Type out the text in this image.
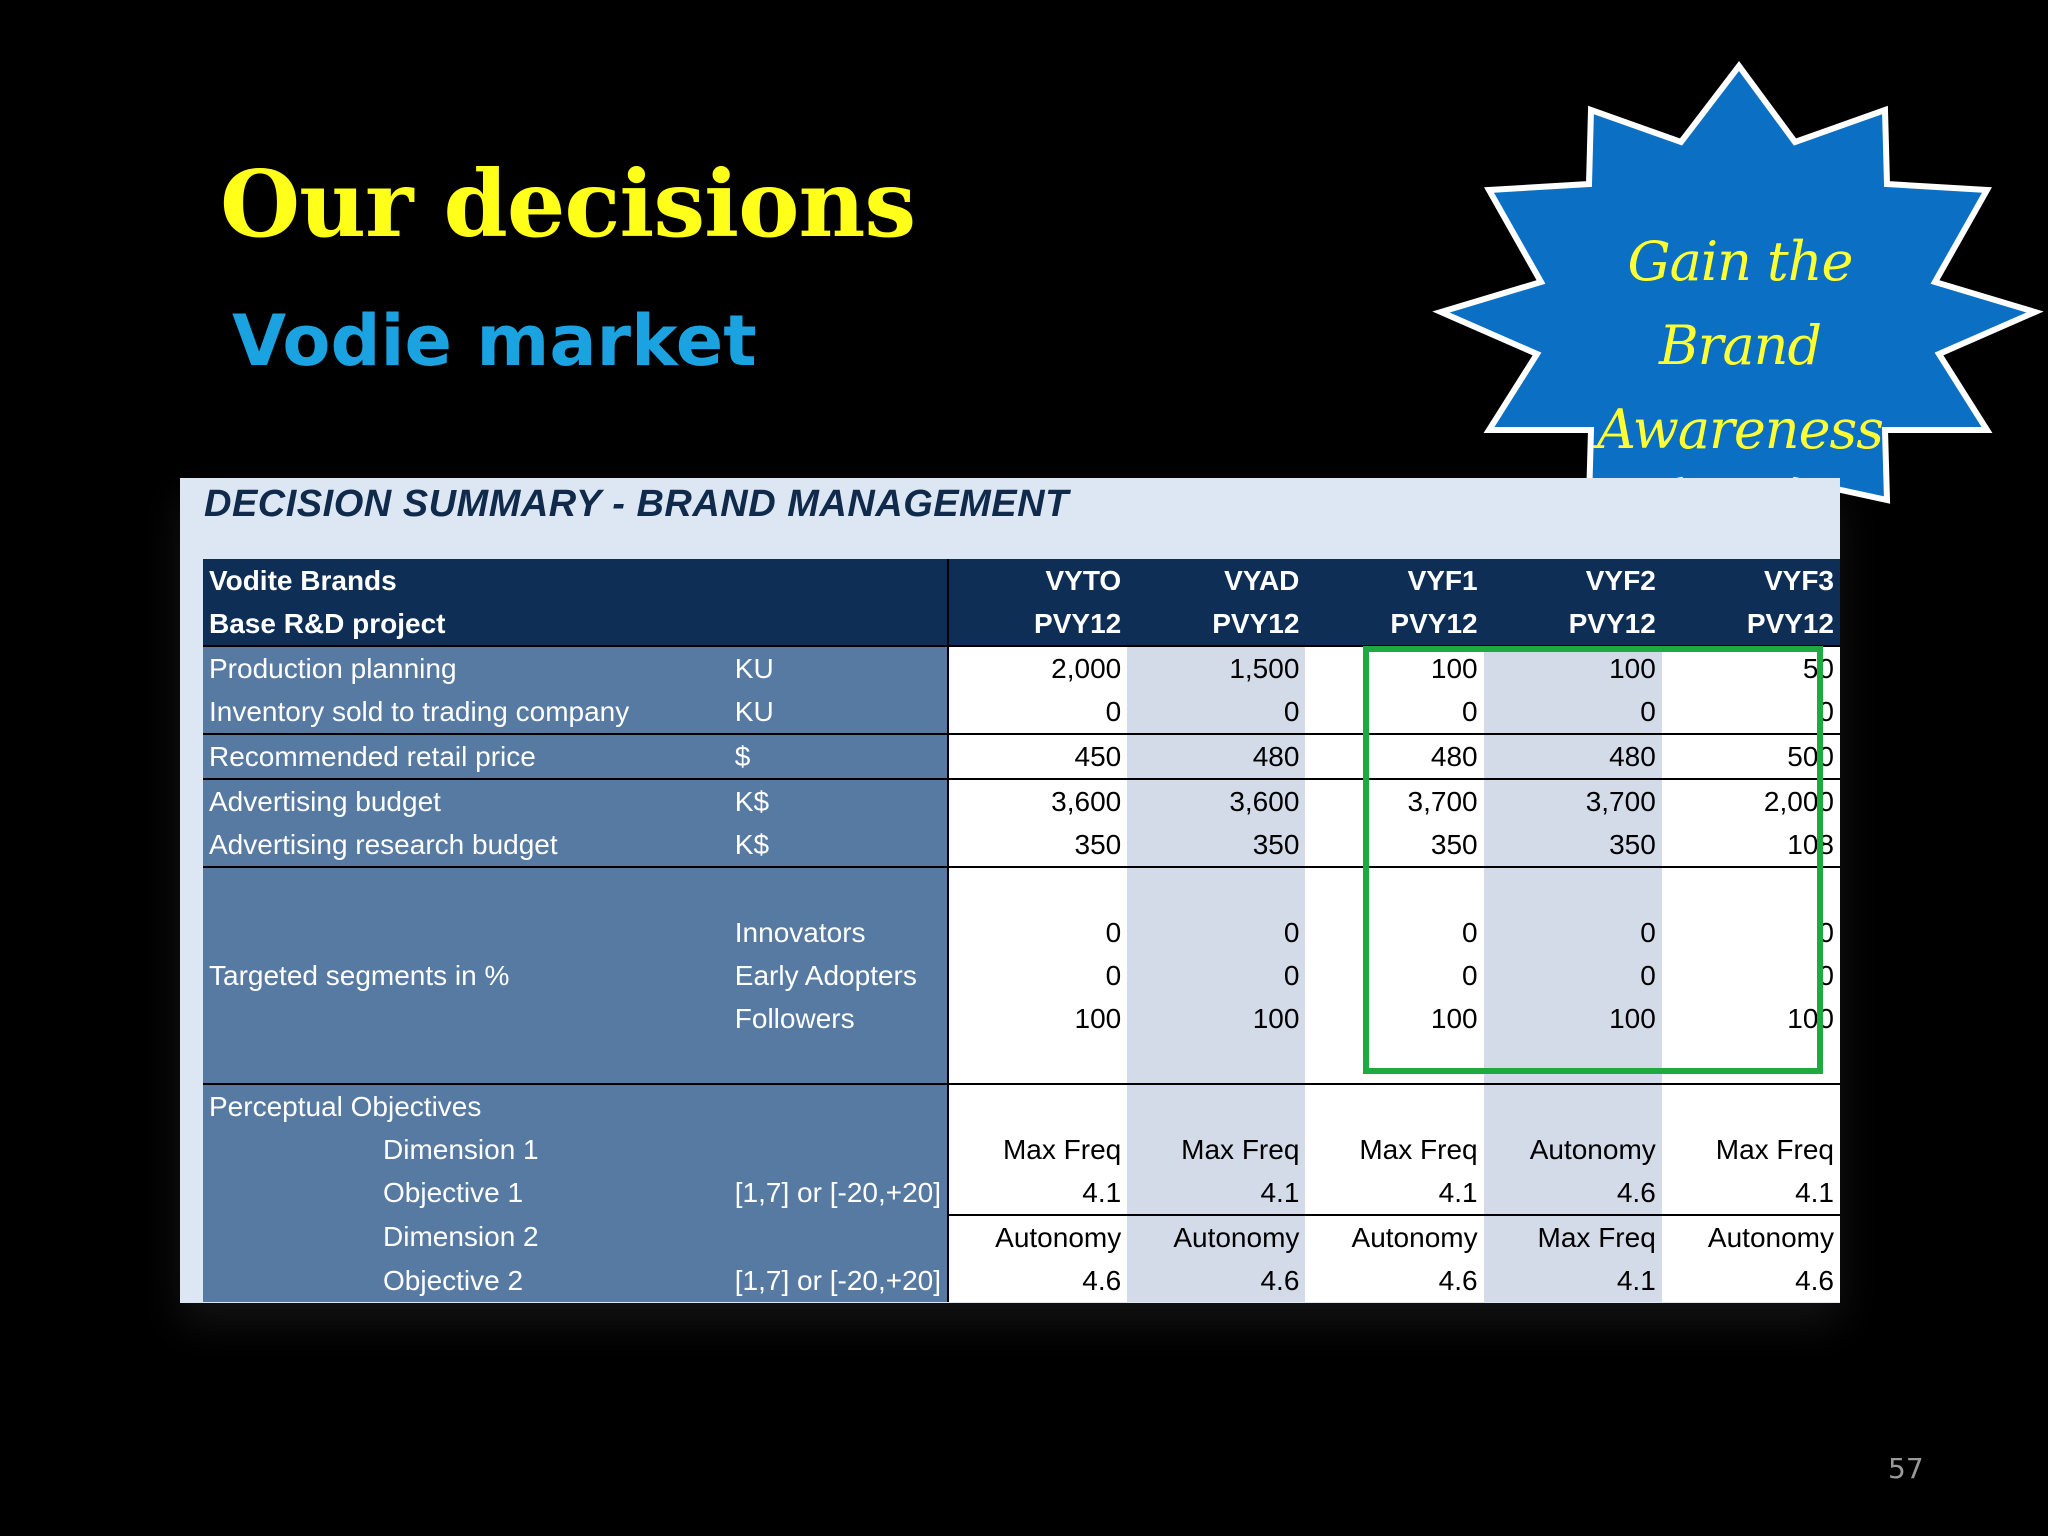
Our decisions
Vodie market
Gain the Brand
Awareness
DECISION SUMMARY - BRAND MANAGEMENT
Vodite Brands		VYTO	VYAD	VYF1	VYF2	VYF3
Base R&D project		PVY12	PVY12	PVY12	PVY12	PVY12
Production planning	KU	2,000	1,500	100	100	50
Inventory sold to trading company	KU	0	0	0	0	0
Recommended retail price	$	450	480	480	480	500
Advertising budget	K$	3,600	3,600	3,700	3,700	2,000
Advertising research budget	K$	350	350	350	350	108

	Innovators	0	0	0	0	0
Targeted segments in %	Early Adopters	0	0	0	0	0
	Followers	100	100	100	100	100

Perceptual Objectives						
Dimension 1		Max Freq	Max Freq	Max Freq	Autonomy	Max Freq
Objective 1	[1,7] or [-20,+20]	4.1	4.1	4.1	4.6	4.1
Dimension 2		Autonomy	Autonomy	Autonomy	Max Freq	Autonomy
Objective 2	[1,7] or [-20,+20]	4.6	4.6	4.6	4.1	4.6
57
